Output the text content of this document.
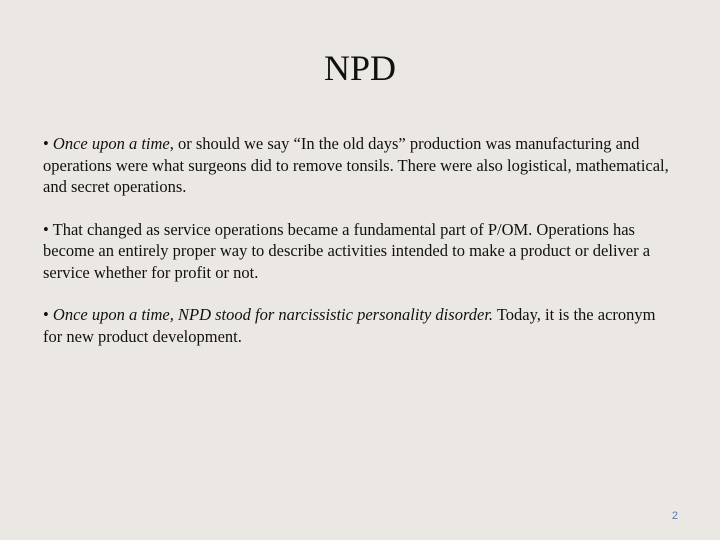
NPD

• Once upon a time, or should we say “In the old days” production was manufacturing and operations were what surgeons did to remove tonsils. There were also logistical, mathematical, and secret operations.

• That changed as service operations became a fundamental part of P/OM. Operations has become an entirely proper way to describe activities intended to make a product or deliver a service whether for profit or not.

• Once upon a time, NPD stood for narcissistic personality disorder. Today, it is the acronym for new product development.

2
